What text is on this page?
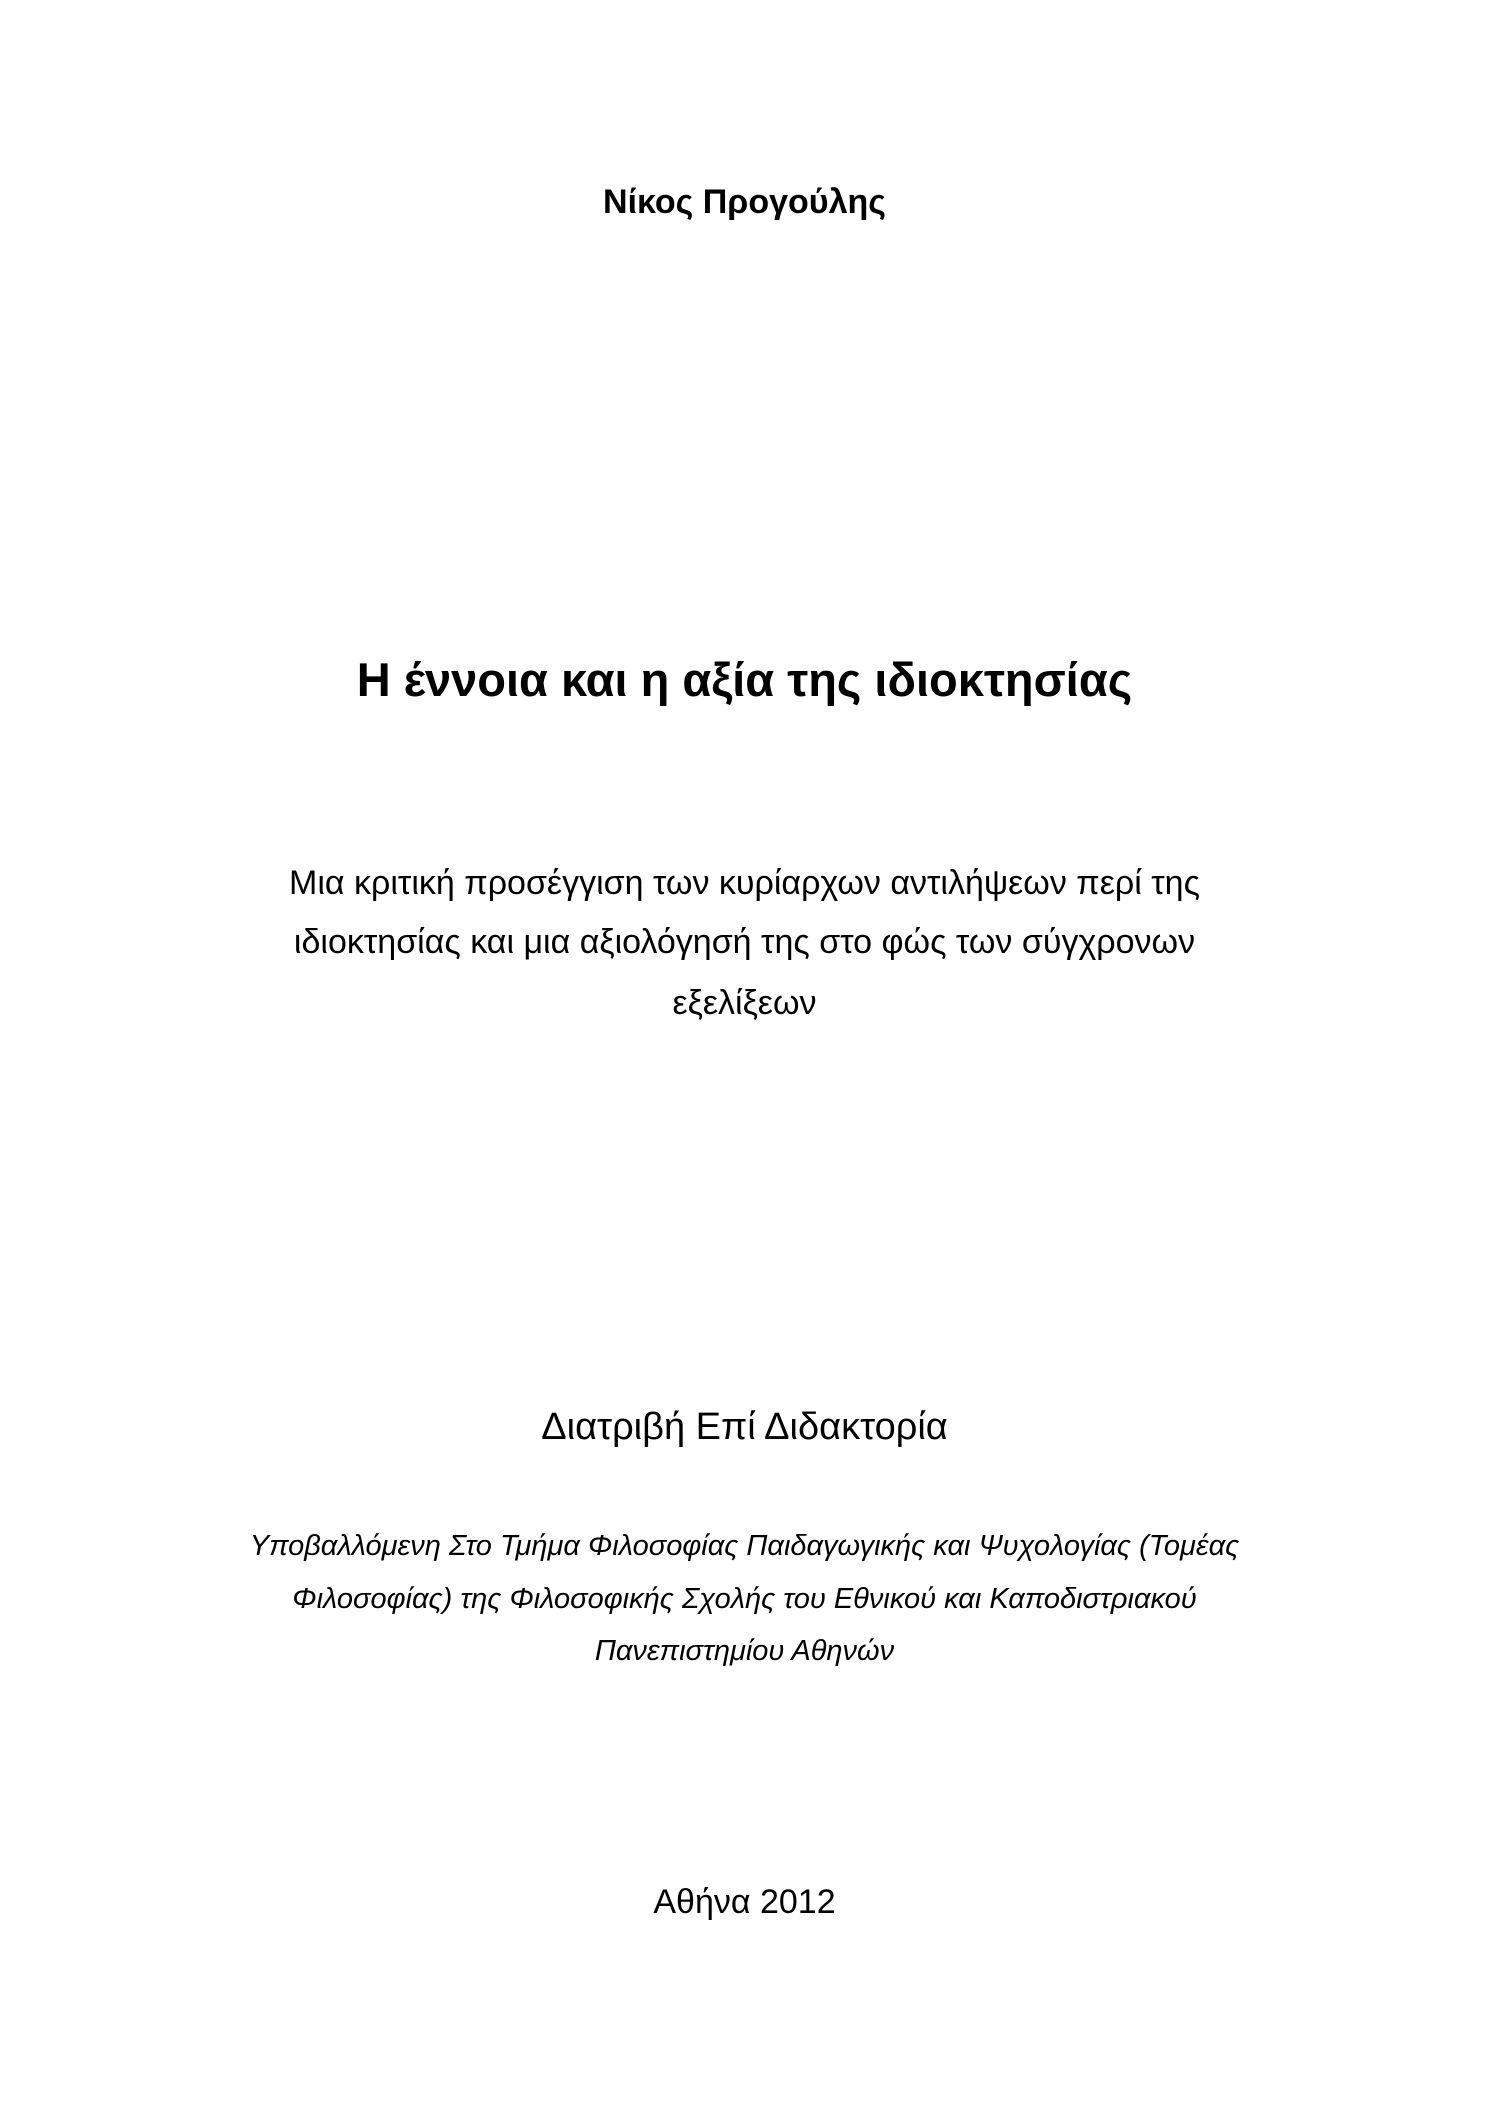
Νίκος Προγούλης
Η έννοια και η αξία της ιδιοκτησίας
Μια κριτική προσέγγιση των κυρίαρχων αντιλήψεων περί της
ιδιοκτησίας και μια αξιολόγησή της στο φώς των σύγχρονων
εξελίξεων
Διατριβή Επί Διδακτορία
Υποβαλλόμενη Στο Τμήμα Φιλοσοφίας Παιδαγωγικής και Ψυχολογίας (Τομέας
Φιλοσοφίας) της Φιλοσοφικής Σχολής του Εθνικού και Καποδιστριακού
Πανεπιστημίου Αθηνών
Αθήνα 2012
